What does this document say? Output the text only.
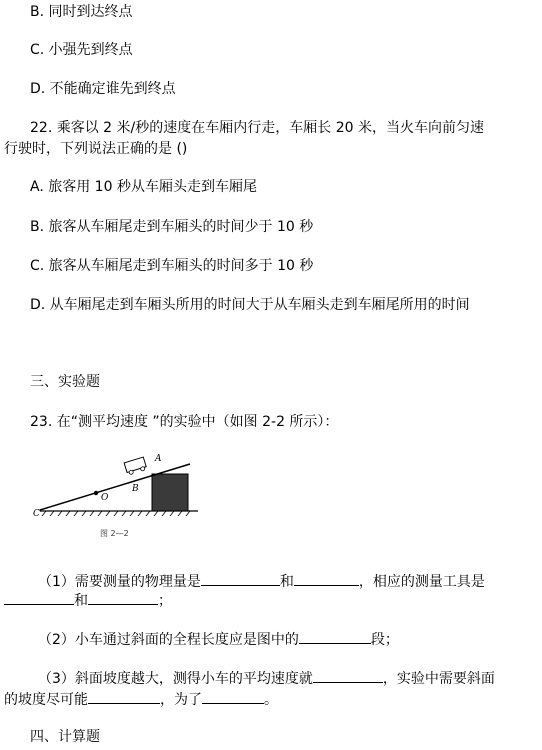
B. 同时到达终点
C. 小强先到终点
D. 不能确定谁先到终点
22. 乘客以 2 米/秒的速度在车厢内行走，车厢长 20 米，当火车向前匀速
行驶时，下列说法正确的是 ()
A. 旅客用 10 秒从车厢头走到车厢尾
B. 旅客从车厢尾走到车厢头的时间少于 10 秒
C. 旅客从车厢尾走到车厢头的时间多于 10 秒
D. 从车厢尾走到车厢头所用的时间大于从车厢头走到车厢尾所用的时间
三、实验题
23. 在“测平均速度 ”的实验中（如图 2-2 所示）：
A
B
C
O
图 2—2
（1）需要测量的物理量是	和	，相应的测量工具是
和	；
（2）小车通过斜面的全程长度应是图中的	段；
（3）斜面坡度越大，测得小车的平均速度就	，实验中需要斜面
的坡度尽可能	，为了	。
四、计算题
